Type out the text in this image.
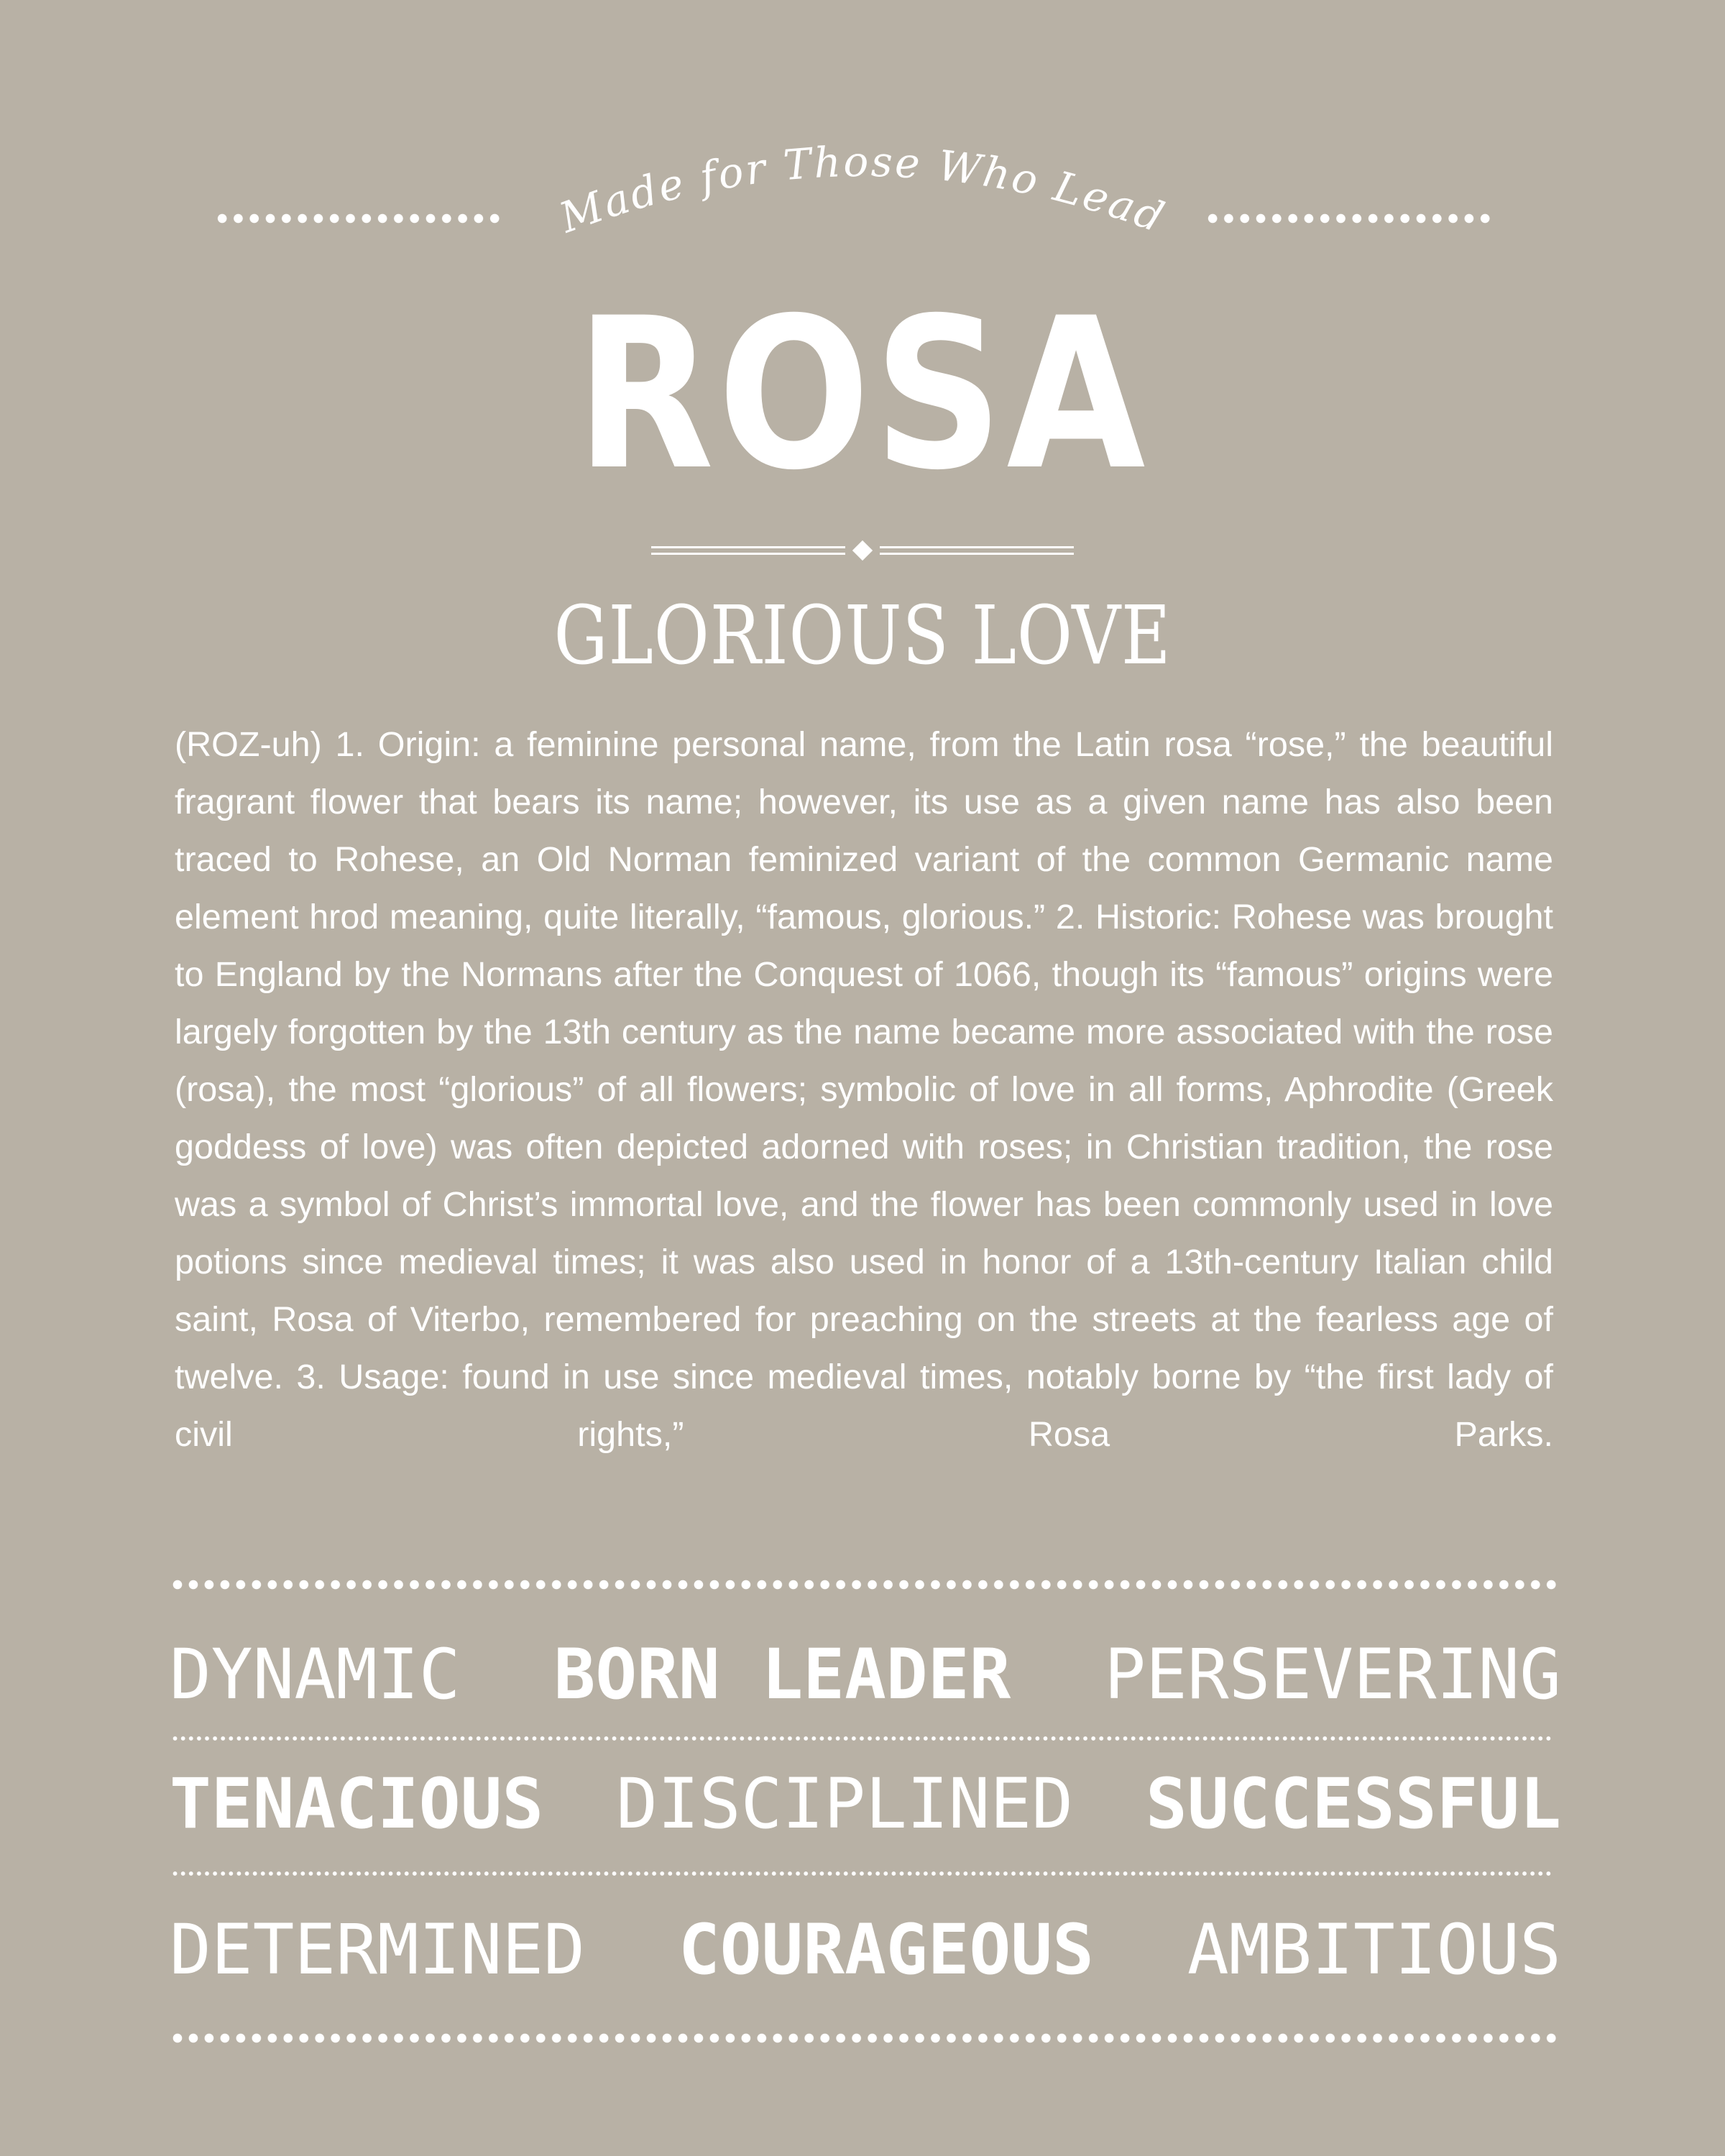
Made for Those Who Lead
ROSA
GLORIOUS LOVE

(ROZ-uh) 1. Origin: a feminine personal name, from the Latin rosa “rose,” the beautiful fragrant flower that bears its name; however, its use as a given name has also been traced to Rohese, an Old Norman feminized variant of the common Germanic name element hrod meaning, quite literally, “famous, glorious.” 2. Historic: Rohese was brought to England by the Normans after the Conquest of 1066, though its “famous” origins were largely forgotten by the 13th century as the name became more associated with the rose (rosa), the most “glorious” of all flowers; symbolic of love in all forms, Aphrodite (Greek goddess of love) was often depicted adorned with roses; in Christian tradition, the rose was a symbol of Christ’s immortal love, and the flower has been commonly used in love potions since medieval times; it was also used in honor of a 13th-century Italian child saint, Rosa of Viterbo, remembered for preaching on the streets at the fearless age of twelve. 3. Usage: found in use since medieval times, notably borne by “the first lady of civil rights,” Rosa Parks.

DYNAMIC BORN LEADER PERSEVERING
TENACIOUS DISCIPLINED SUCCESSFUL
DETERMINED COURAGEOUS AMBITIOUS
